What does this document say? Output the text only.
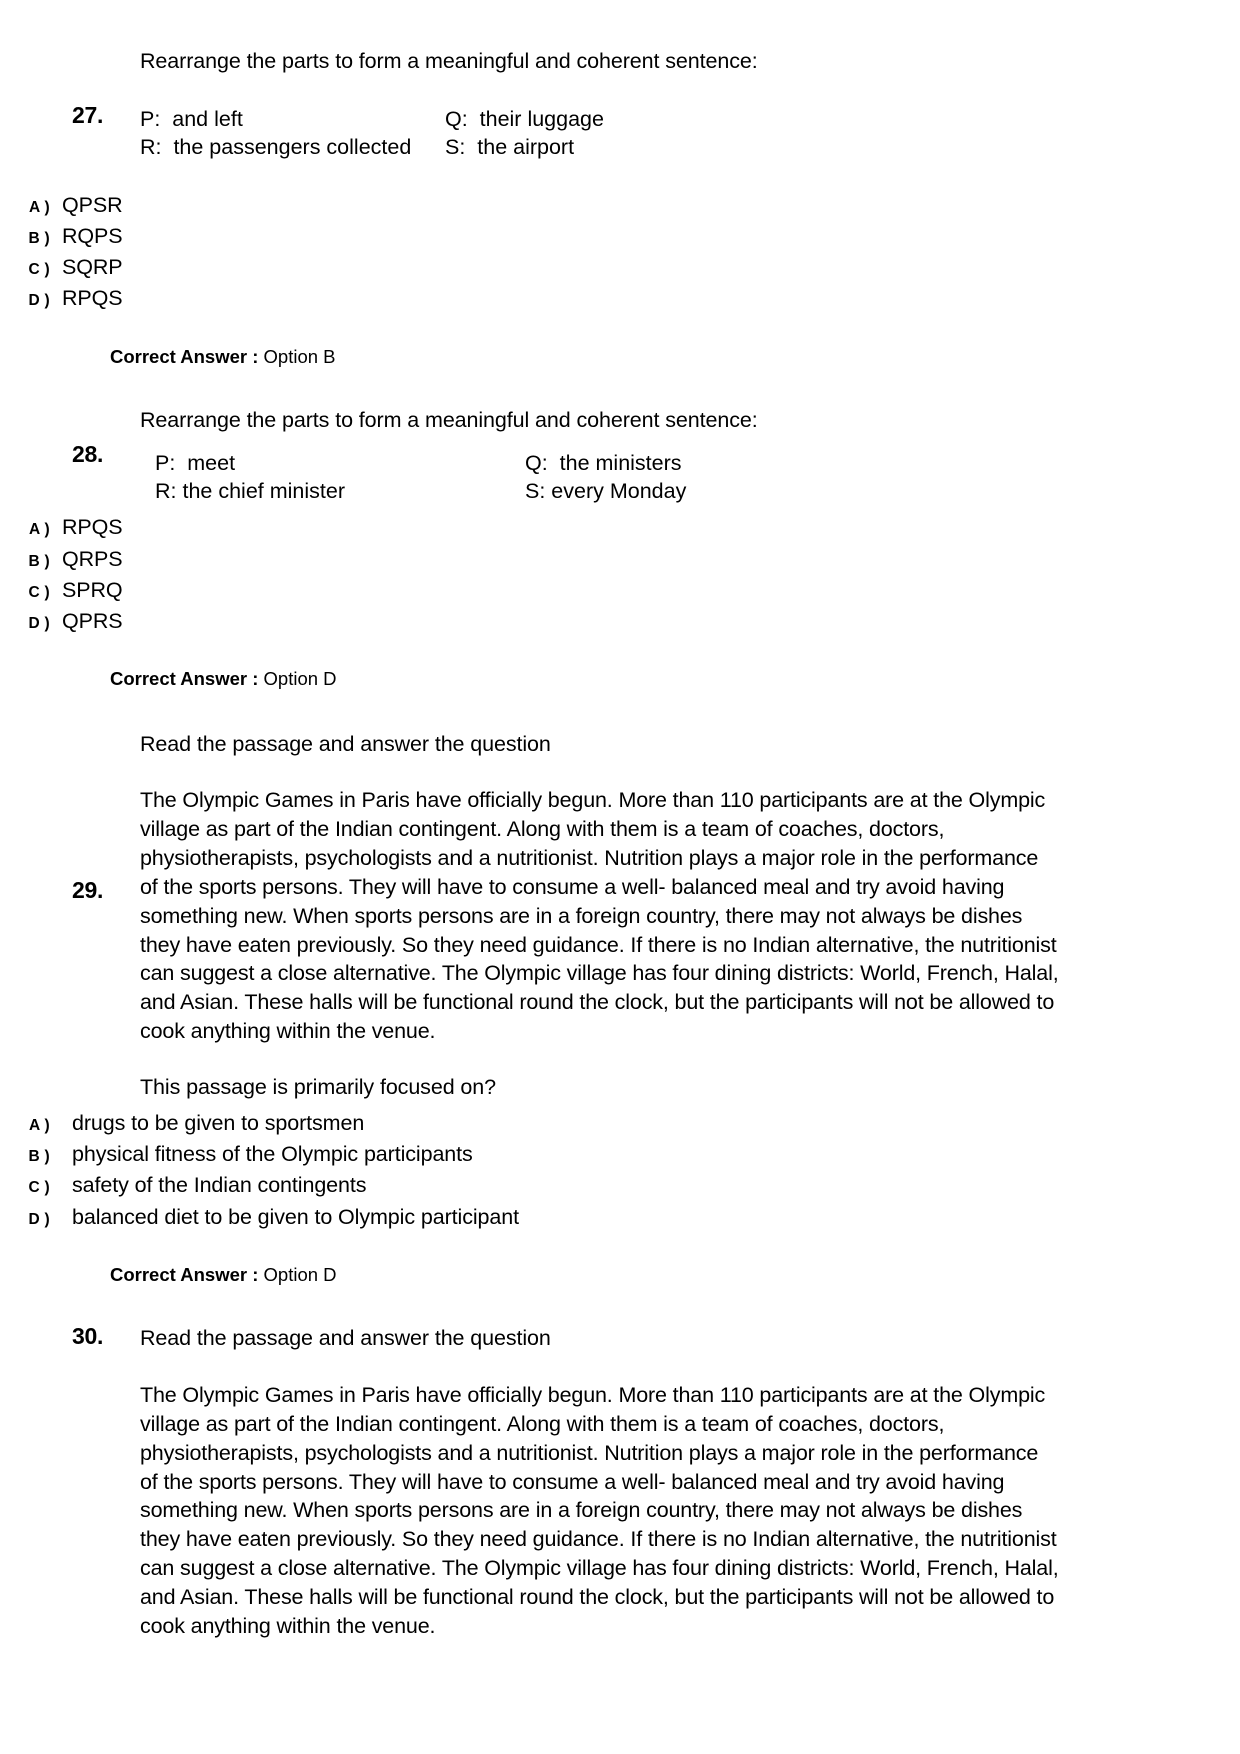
Rearrange the parts to form a meaningful and coherent sentence:
27. P:  and left	Q:  their luggage
R:  the passengers collected	S:  the airport
A ) QPSR
B ) RQPS
C ) SQRP
D ) RPQS
Correct Answer : Option B
Rearrange the parts to form a meaningful and coherent sentence:
28. P:  meet	Q:  the ministers
R: the chief minister	S: every Monday
A ) RPQS
B ) QRPS
C ) SPRQ
D ) QPRS
Correct Answer : Option D
Read the passage and answer the question
29.
The Olympic Games in Paris have officially begun. More than 110 participants are at the Olympic village as part of the Indian contingent. Along with them is a team of coaches, doctors, physiotherapists, psychologists and a nutritionist. Nutrition plays a major role in the performance of the sports persons. They will have to consume a well- balanced meal and try avoid having something new. When sports persons are in a foreign country, there may not always be dishes they have eaten previously. So they need guidance. If there is no Indian alternative, the nutritionist can suggest a close alternative. The Olympic village has four dining districts: World, French, Halal, and Asian. These halls will be functional round the clock, but the participants will not be allowed to cook anything within the venue.
This passage is primarily focused on?
A )	drugs to be given to sportsmen
B )	physical fitness of the Olympic participants
C )	safety of the Indian contingents
D )	balanced diet to be given to Olympic participant
Correct Answer : Option D
30. Read the passage and answer the question
The Olympic Games in Paris have officially begun. More than 110 participants are at the Olympic village as part of the Indian contingent. Along with them is a team of coaches, doctors, physiotherapists, psychologists and a nutritionist. Nutrition plays a major role in the performance of the sports persons. They will have to consume a well- balanced meal and try avoid having something new. When sports persons are in a foreign country, there may not always be dishes they have eaten previously. So they need guidance. If there is no Indian alternative, the nutritionist can suggest a close alternative. The Olympic village has four dining districts: World, French, Halal, and Asian. These halls will be functional round the clock, but the participants will not be allowed to cook anything within the venue.
